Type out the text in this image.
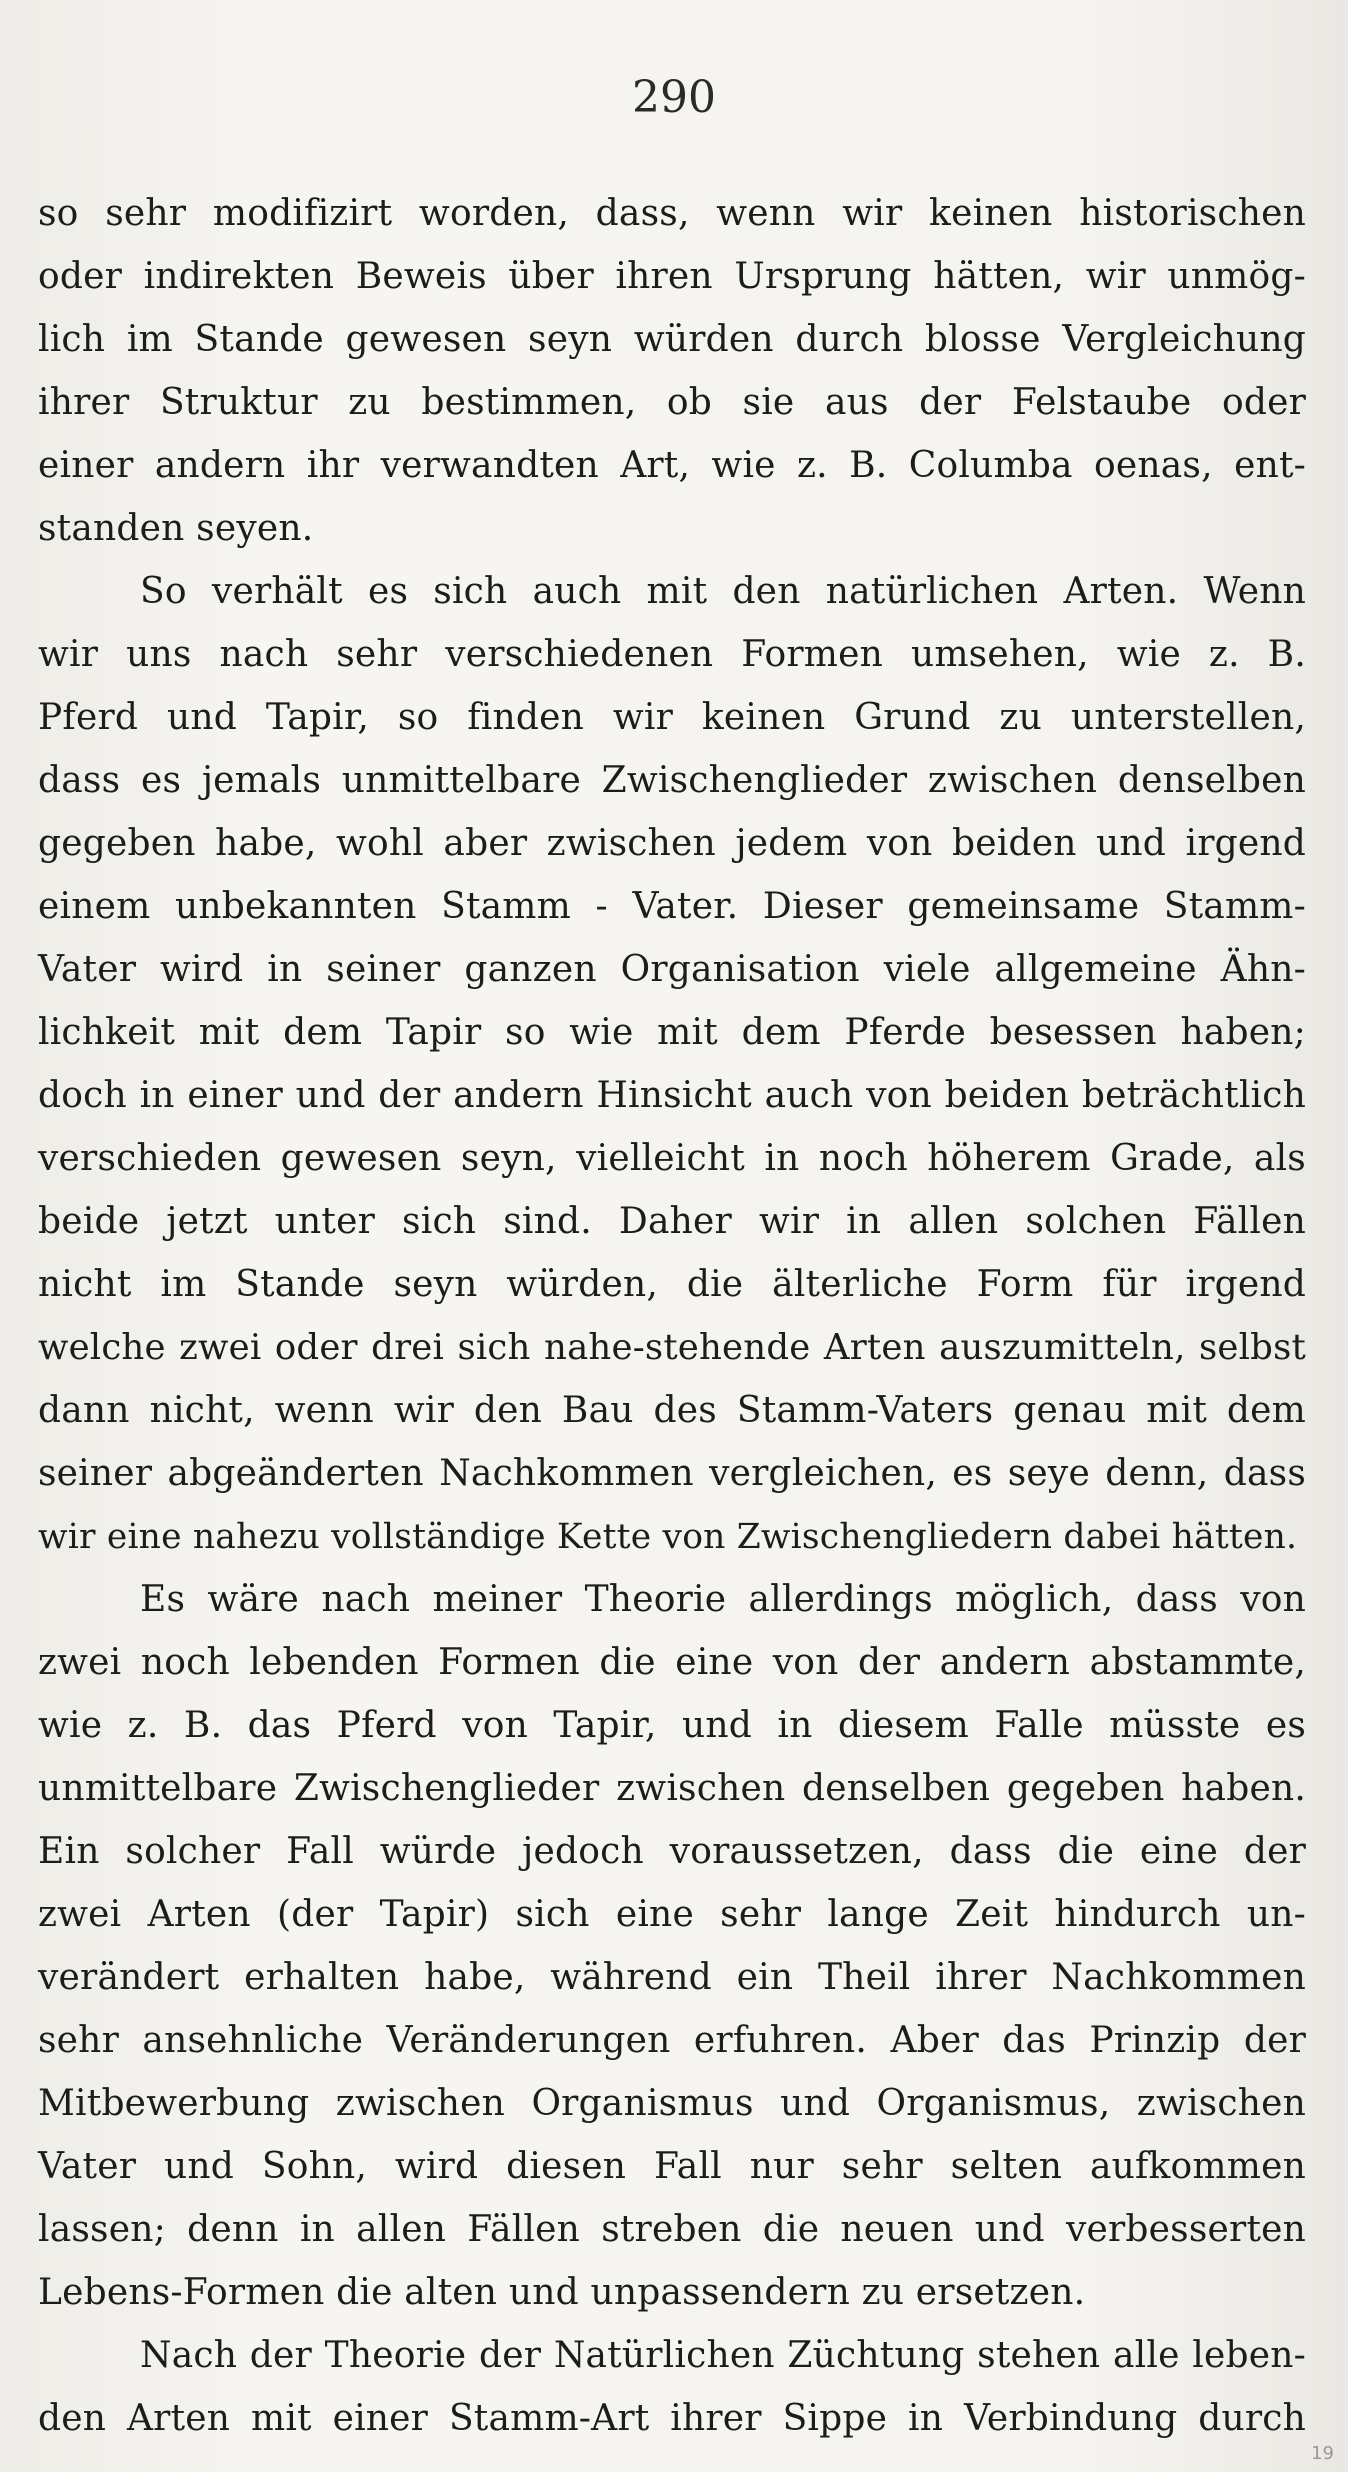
290
so sehr modifizirt worden, dass, wenn wir keinen historischen
oder indirekten Beweis über ihren Ursprung hätten, wir unmög-
lich im Stande gewesen seyn würden durch blosse Vergleichung
ihrer Struktur zu bestimmen, ob sie aus der Felstaube oder
einer andern ihr verwandten Art, wie z. B. Columba oenas, ent-
standen seyen.
So verhält es sich auch mit den natürlichen Arten. Wenn
wir uns nach sehr verschiedenen Formen umsehen, wie z. B.
Pferd und Tapir, so finden wir keinen Grund zu unterstellen,
dass es jemals unmittelbare Zwischenglieder zwischen denselben
gegeben habe, wohl aber zwischen jedem von beiden und irgend
einem unbekannten Stamm - Vater. Dieser gemeinsame Stamm-
Vater wird in seiner ganzen Organisation viele allgemeine Ähn-
lichkeit mit dem Tapir so wie mit dem Pferde besessen haben;
doch in einer und der andern Hinsicht auch von beiden beträchtlich
verschieden gewesen seyn, vielleicht in noch höherem Grade, als
beide jetzt unter sich sind. Daher wir in allen solchen Fällen
nicht im Stande seyn würden, die älterliche Form für irgend
welche zwei oder drei sich nahe-stehende Arten auszumitteln, selbst
dann nicht, wenn wir den Bau des Stamm-Vaters genau mit dem
seiner abgeänderten Nachkommen vergleichen, es seye denn, dass
wir eine nahezu vollständige Kette von Zwischengliedern dabei hätten.
Es wäre nach meiner Theorie allerdings möglich, dass von
zwei noch lebenden Formen die eine von der andern abstammte,
wie z. B. das Pferd von Tapir, und in diesem Falle müsste es
unmittelbare Zwischenglieder zwischen denselben gegeben haben.
Ein solcher Fall würde jedoch voraussetzen, dass die eine der
zwei Arten (der Tapir) sich eine sehr lange Zeit hindurch un-
verändert erhalten habe, während ein Theil ihrer Nachkommen
sehr ansehnliche Veränderungen erfuhren. Aber das Prinzip der
Mitbewerbung zwischen Organismus und Organismus, zwischen
Vater und Sohn, wird diesen Fall nur sehr selten aufkommen
lassen; denn in allen Fällen streben die neuen und verbesserten
Lebens-Formen die alten und unpassendern zu ersetzen.
Nach der Theorie der Natürlichen Züchtung stehen alle leben-
den Arten mit einer Stamm-Art ihrer Sippe in Verbindung durch
19
